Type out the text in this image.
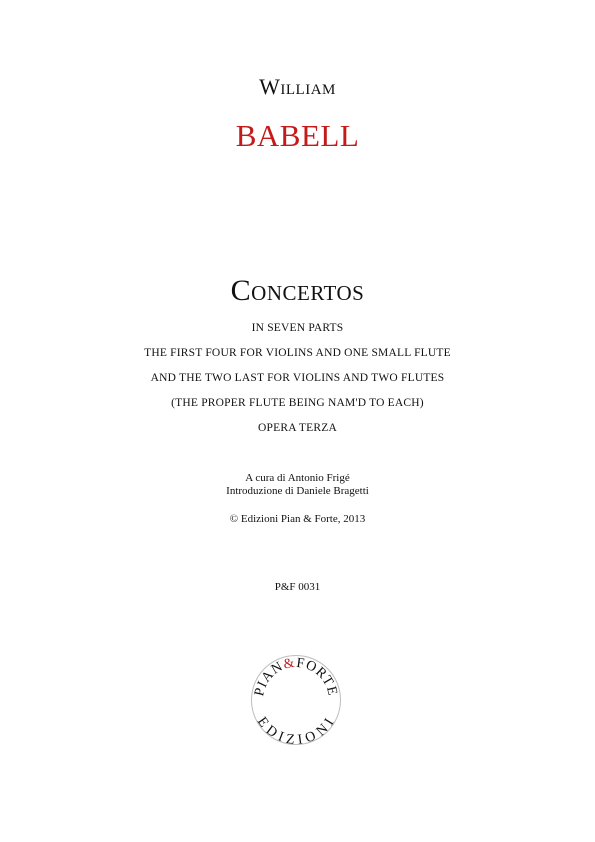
William
BABELL
Concertos
IN SEVEN PARTS
THE FIRST FOUR FOR VIOLINS AND ONE SMALL FLUTE
AND THE TWO LAST FOR VIOLINS AND TWO FLUTES
(THE PROPER FLUTE BEING NAM'D TO EACH)
OPERA TERZA
A cura di Antonio Frigé
Introduzione di Daniele Bragetti
© Edizioni Pian & Forte, 2013
P&F 0031
PIAN&FORTE
EDIZIONI
